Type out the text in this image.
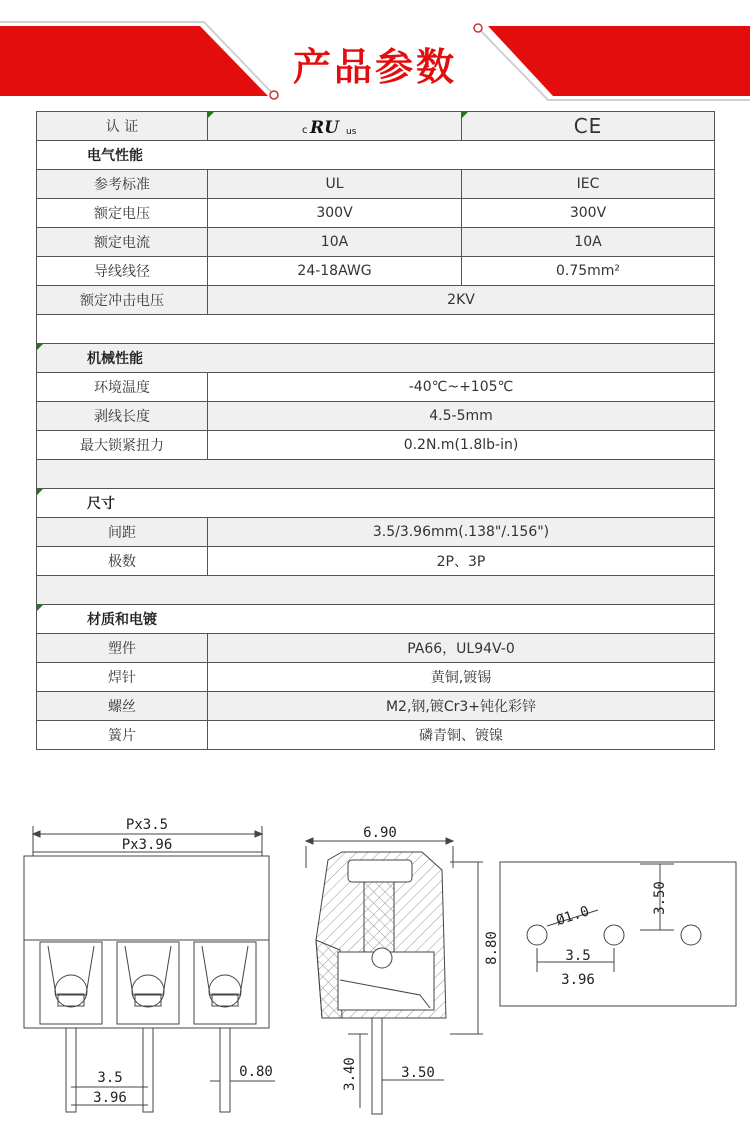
产品参数
认 证	c RU us	CE
电气性能		
参考标准	UL	IEC
额定电压	300V	300V
额定电流	10A	10A
导线线径	24-18AWG	0.75mm²
额定冲击电压	2KV	

机械性能		
环境温度	-40℃~+105℃	
剥线长度	4.5-5mm	
最大锁紧扭力	0.2N.m(1.8lb-in)	

尺寸		
间距	3.5/3.96mm(.138"/.156")	
极数	2P、3P	

材质和电镀		
塑件	PA66，UL94V-0	
焊针	黄铜,镀锡	
螺丝	M2,钢,镀Cr3+钝化彩锌	
簧片	磷青铜、镀镍	
Px3.5
Px3.96
3.5
3.96
0.80
6.90
8.80
3.40	3.50
Ø1.0
3.5
3.96
3.50
